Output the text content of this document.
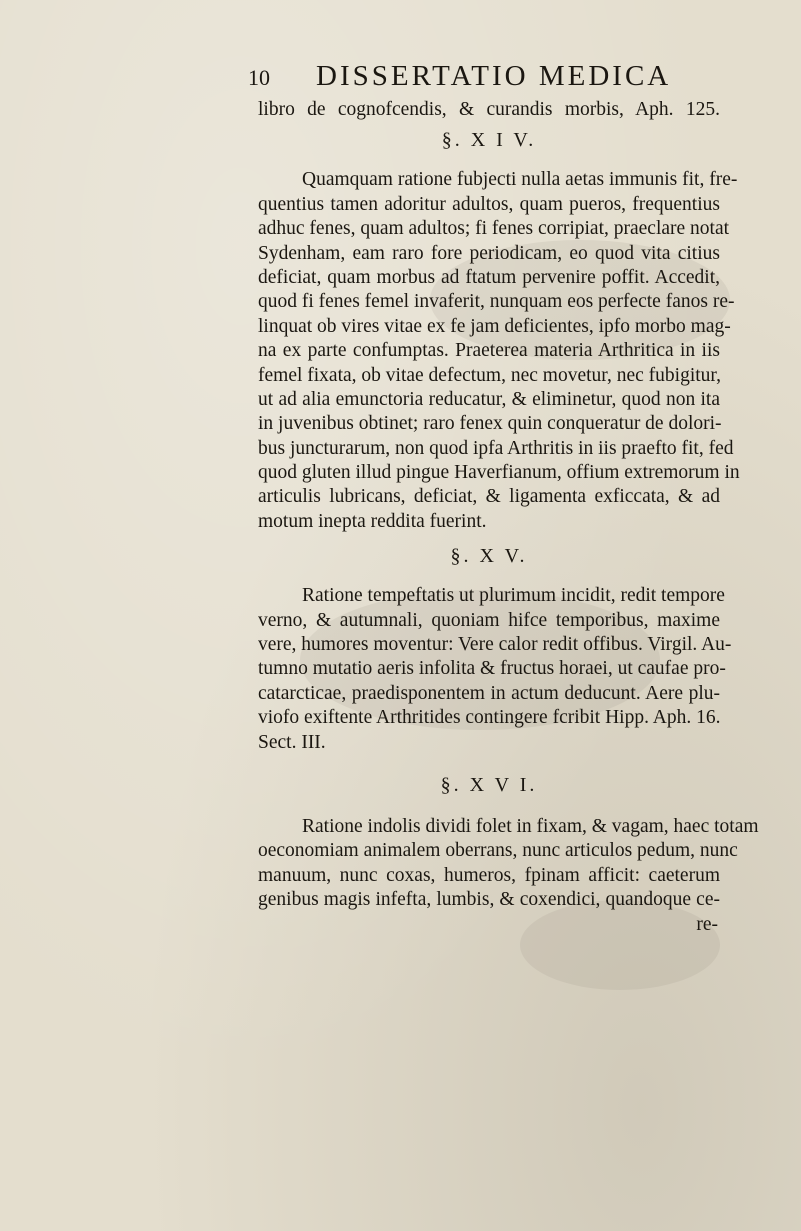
10 DISSERTATIO MEDICA
libro de cognofcendis, & curandis morbis, Aph. 125.
§. X I V.
Quamquam ratione fubjecti nulla aetas immunis fit, fre-
quentius tamen adoritur adultos, quam pueros, frequentius
adhuc fenes, quam adultos; fi fenes corripiat, praeclare notat
Sydenham, eam raro fore periodicam, eo quod vita citius
deficiat, quam morbus ad ftatum pervenire poffit. Accedit,
quod fi fenes femel invaferit, nunquam eos perfecte fanos re-
linquat ob vires vitae ex fe jam deficientes, ipfo morbo mag-
na ex parte confumptas. Praeterea materia Arthritica in iis
femel fixata, ob vitae defectum, nec movetur, nec fubigitur,
ut ad alia emunctoria reducatur, & eliminetur, quod non ita
in juvenibus obtinet; raro fenex quin conqueratur de dolori-
bus juncturarum, non quod ipfa Arthritis in iis praefto fit, fed
quod gluten illud pingue Haverfianum, offium extremorum in
articulis lubricans, deficiat, & ligamenta exficcata, & ad
motum inepta reddita fuerint.
§. X V.
Ratione tempeftatis ut plurimum incidit, redit tempore
verno, & autumnali, quoniam hifce temporibus, maxime
vere, humores moventur: Vere calor redit offibus. Virgil. Au-
tumno mutatio aeris infolita & fructus horaei, ut caufae pro-
catarcticae, praedisponentem in actum deducunt. Aere plu-
viofo exiftente Arthritides contingere fcribit Hipp. Aph. 16.
Sect. III.
§. X V I.
Ratione indolis dividi folet in fixam, & vagam, haec totam
oeconomiam animalem oberrans, nunc articulos pedum, nunc
manuum, nunc coxas, humeros, fpinam afficit: caeterum
genibus magis infefta, lumbis, & coxendici, quandoque ce-
re-
